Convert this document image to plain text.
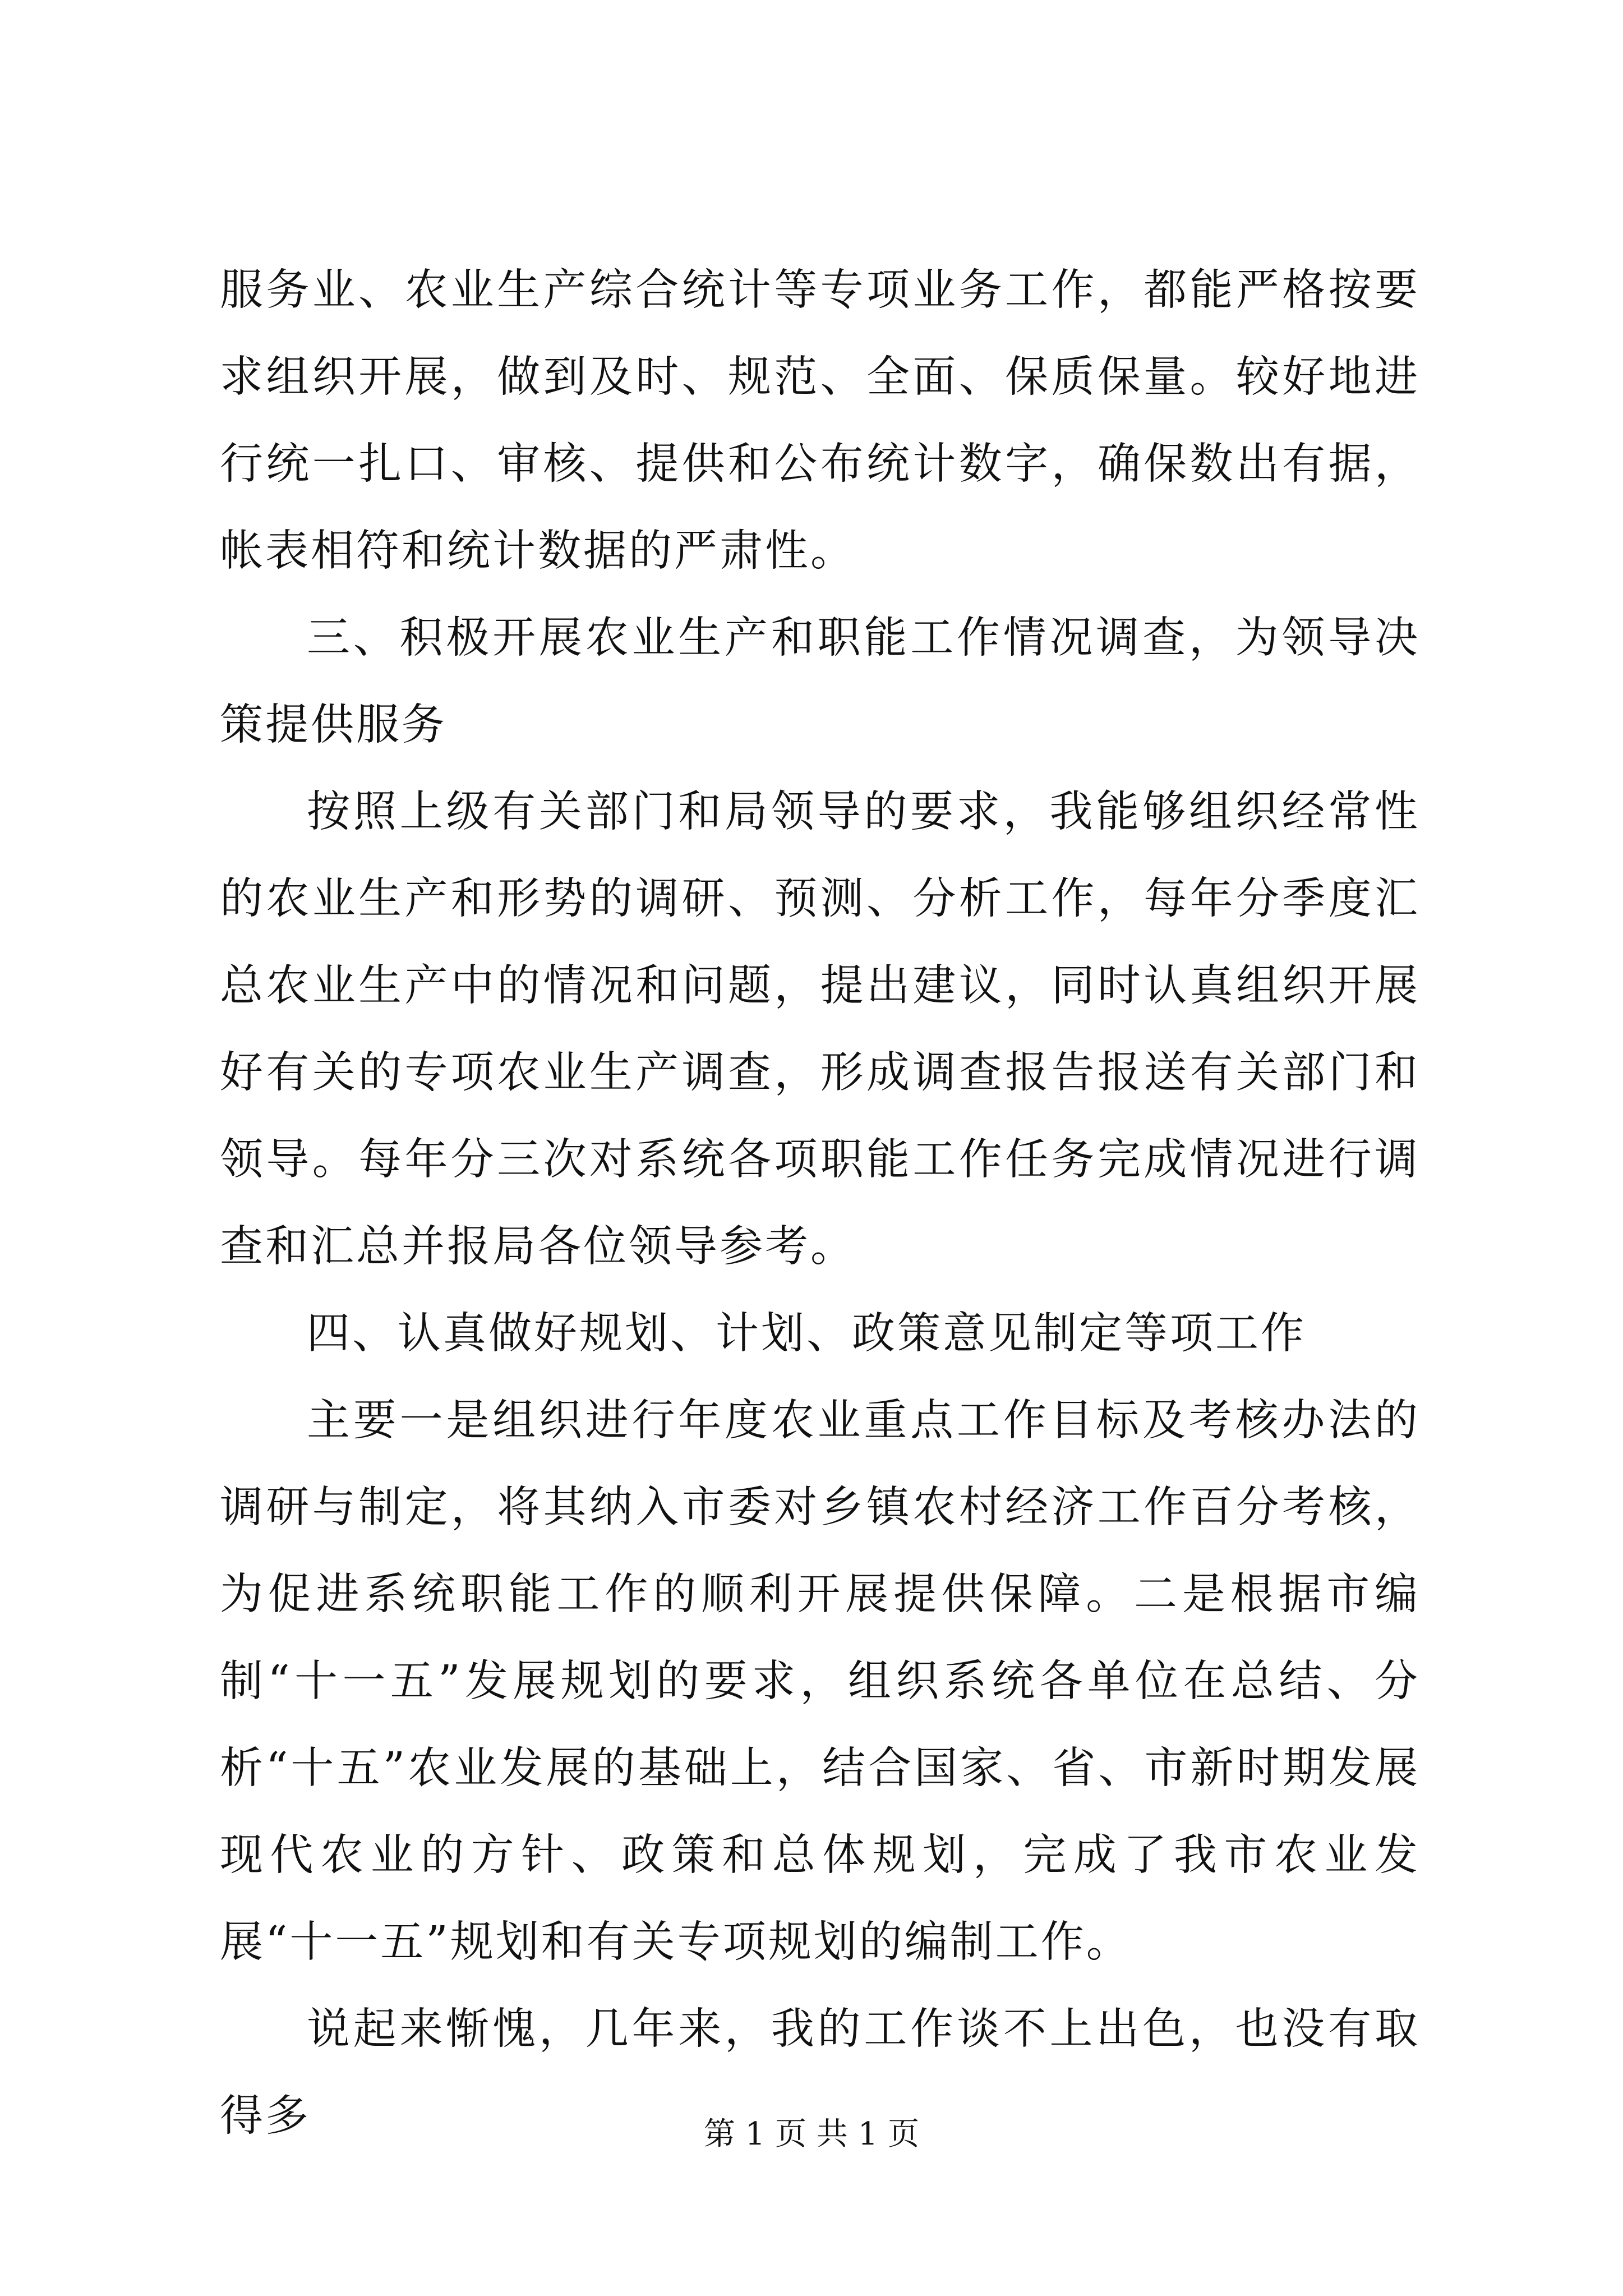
服务业、农业生产综合统计等专项业务工作，都能严格按要求组织开展，做到及时、规范、全面、保质保量。较好地进行统一扎口、审核、提供和公布统计数字，确保数出有据，帐表相符和统计数据的严肃性。

三、积极开展农业生产和职能工作情况调查，为领导决策提供服务

按照上级有关部门和局领导的要求，我能够组织经常性的农业生产和形势的调研、预测、分析工作，每年分季度汇总农业生产中的情况和问题，提出建议，同时认真组织开展好有关的专项农业生产调查，形成调查报告报送有关部门和领导。每年分三次对系统各项职能工作任务完成情况进行调查和汇总并报局各位领导参考。

四、认真做好规划、计划、政策意见制定等项工作

主要一是组织进行年度农业重点工作目标及考核办法的调研与制定，将其纳入市委对乡镇农村经济工作百分考核，为促进系统职能工作的顺利开展提供保障。二是根据市编制“十一五”发展规划的要求，组织系统各单位在总结、分析“十五”农业发展的基础上，结合国家、省、市新时期发展现代农业的方针、政策和总体规划，完成了我市农业发展“十一五”规划和有关专项规划的编制工作。

说起来惭愧，几年来，我的工作谈不上出色，也没有取得多	第 1 页 共 1 页
